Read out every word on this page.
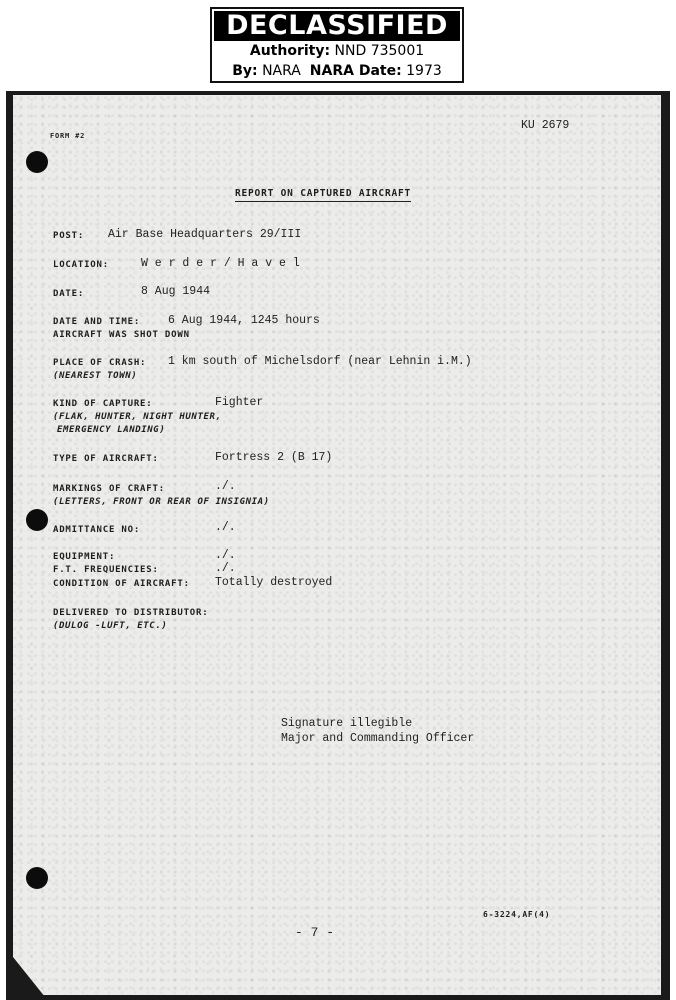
DECLASSIFIED
Authority: NND 735001
By: NARA NARA Date: 1973
FORM #2
KU 2679
REPORT ON CAPTURED AIRCRAFT
POST: Air Base Headquarters 29/III
LOCATION:	W e r d e r / H a v e l
DATE:	8 Aug 1944
DATE AND TIME: 6 Aug 1944, 1245 hours
AIRCRAFT WAS SHOT DOWN
PLACE OF CRASH: 1 km south of Michelsdorf (near Lehnin i.M.)
(NEAREST TOWN)
KIND OF CAPTURE:	Fighter
(FLAK, HUNTER, NIGHT HUNTER,
EMERGENCY LANDING)
TYPE OF AIRCRAFT:	Fortress 2 (B 17)
MARKINGS OF CRAFT:	./.
(LETTERS, FRONT OR REAR OF INSIGNIA)
ADMITTANCE NO:	./.
EQUIPMENT:	./.
F.T. FREQUENCIES:	./.
CONDITION OF AIRCRAFT: Totally destroyed
DELIVERED TO DISTRIBUTOR:
(DULOG -LUFT, ETC.)
Signature illegible
Major and Commanding Officer
6-3224,AF(4)
- 7 -
